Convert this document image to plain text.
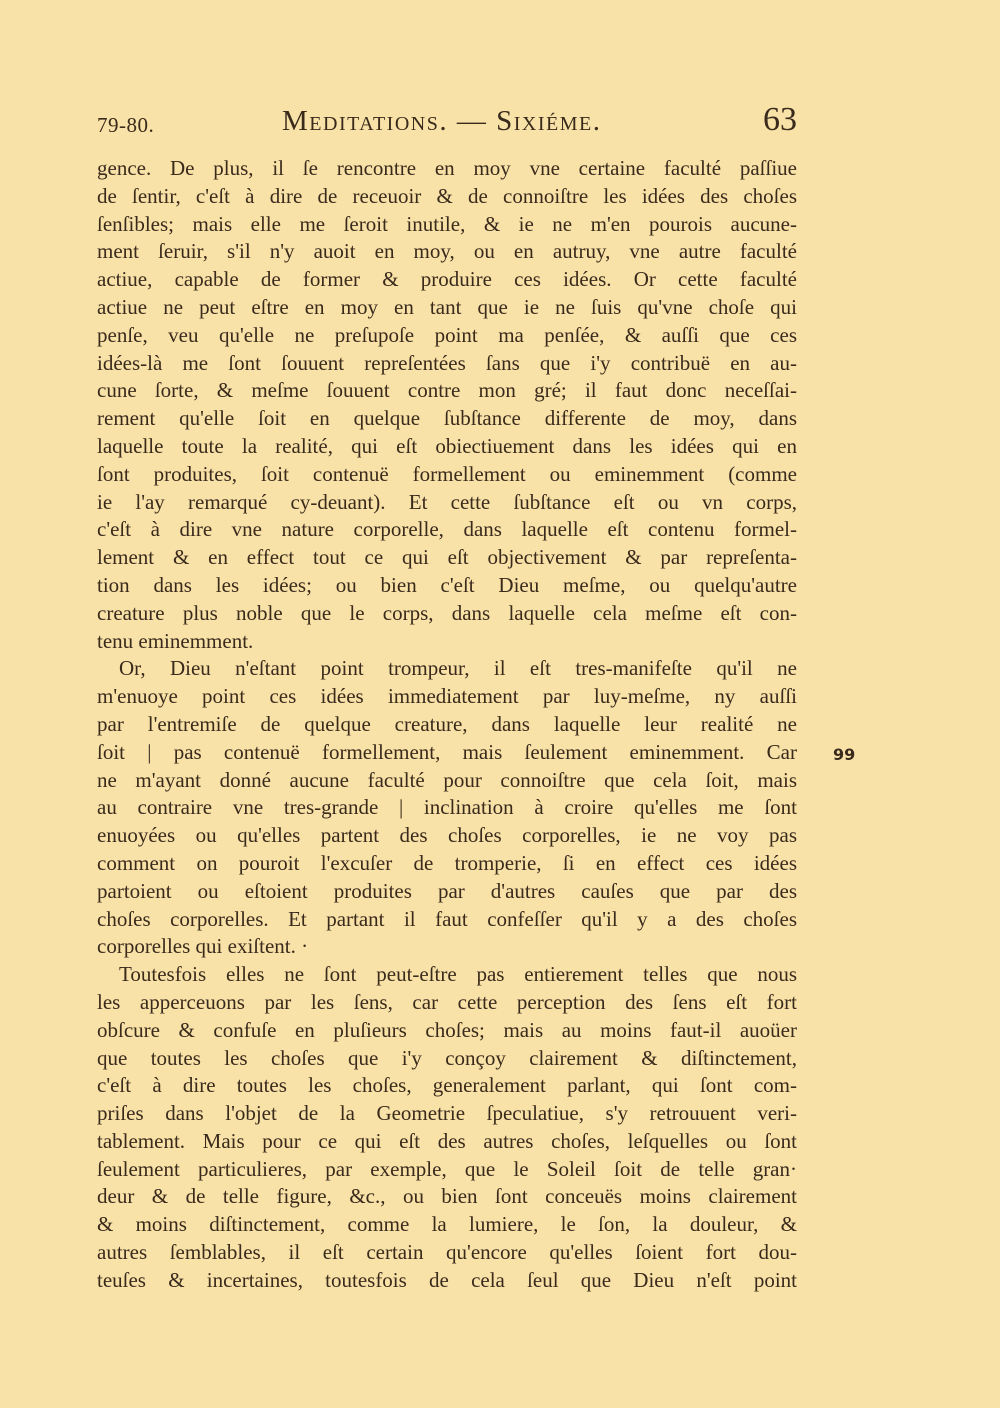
79-80.	Meditations. — Sixiéme.	63
99
gence. De plus, il ſe rencontre en moy vne certaine faculté paſſiue
de ſentir, c'eſt à dire de receuoir & de connoiſtre les idées des choſes
ſenſibles; mais elle me ſeroit inutile, & ie ne m'en pourois aucune-
ment ſeruir, s'il n'y auoit en moy, ou en autruy, vne autre faculté
actiue, capable de former & produire ces idées. Or cette faculté
actiue ne peut eſtre en moy en tant que ie ne ſuis qu'vne choſe qui
penſe, veu qu'elle ne preſupoſe point ma penſée, & auſſi que ces
idées-là me ſont ſouuent repreſentées ſans que i'y contribuë en au-
cune ſorte, & meſme ſouuent contre mon gré; il faut donc neceſſai-
rement qu'elle ſoit en quelque ſubſtance differente de moy, dans
laquelle toute la realité, qui eſt obiectiuement dans les idées qui en
ſont produites, ſoit contenuë formellement ou eminemment (comme
ie l'ay remarqué cy-deuant). Et cette ſubſtance eſt ou vn corps,
c'eſt à dire vne nature corporelle, dans laquelle eſt contenu formel-
lement & en effect tout ce qui eſt objectivement & par repreſenta-
tion dans les idées; ou bien c'eſt Dieu meſme, ou quelqu'autre
creature plus noble que le corps, dans laquelle cela meſme eſt con-
tenu eminemment.
Or, Dieu n'eſtant point trompeur, il eſt tres-manifeſte qu'il ne
m'enuoye point ces idées immediatement par luy-meſme, ny auſſi
par l'entremiſe de quelque creature, dans laquelle leur realité ne
ſoit | pas contenuë formellement, mais ſeulement eminemment. Car
ne m'ayant donné aucune faculté pour connoiſtre que cela ſoit, mais
au contraire vne tres-grande | inclination à croire qu'elles me ſont
enuoyées ou qu'elles partent des choſes corporelles, ie ne voy pas
comment on pouroit l'excuſer de tromperie, ſi en effect ces idées
partoient ou eſtoient produites par d'autres cauſes que par des
choſes corporelles. Et partant il faut confeſſer qu'il y a des choſes
corporelles qui exiſtent. ·
Toutesfois elles ne ſont peut-eſtre pas entierement telles que nous
les apperceuons par les ſens, car cette perception des ſens eſt fort
obſcure & confuſe en pluſieurs choſes; mais au moins faut-il auoüer
que toutes les choſes que i'y conçoy clairement & diſtinctement,
c'eſt à dire toutes les choſes, generalement parlant, qui ſont com-
priſes dans l'objet de la Geometrie ſpeculatiue, s'y retrouuent veri-
tablement. Mais pour ce qui eſt des autres choſes, leſquelles ou ſont
ſeulement particulieres, par exemple, que le Soleil ſoit de telle gran·
deur & de telle figure, &c., ou bien ſont conceuës moins clairement
& moins diſtinctement, comme la lumiere, le ſon, la douleur, &
autres ſemblables, il eſt certain qu'encore qu'elles ſoient fort dou-
teuſes & incertaines, toutesfois de cela ſeul que Dieu n'eſt point
